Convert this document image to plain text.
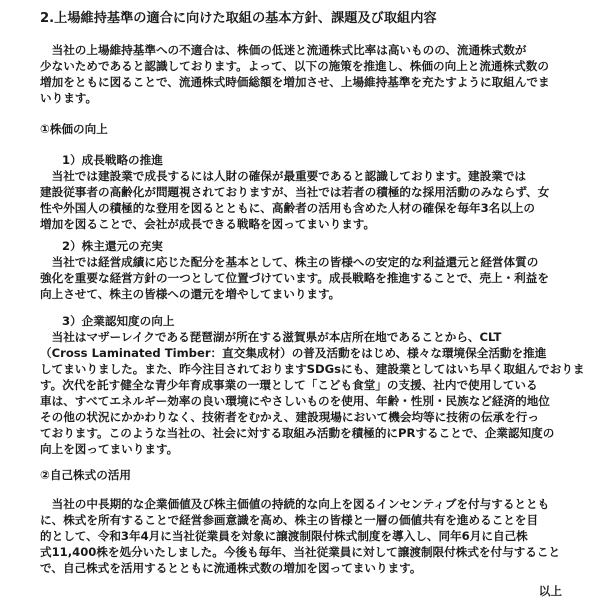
2.上場維持基準の適合に向けた取組の基本方針、課題及び取組内容
　当社の上場維持基準への不適合は、株価の低迷と流通株式比率は高いものの、流通株式数が
少ないためであると認識しております。よって、以下の施策を推進し、株価の向上と流通株式数の
増加をともに図ることで、流通株式時価総額を増加させ、上場維持基準を充たすように取組んでま
いります。
①株価の向上
1）成長戦略の推進
　当社では建設業で成長するには人財の確保が最重要であると認識しております。建設業では
建設従事者の高齢化が問題視されておりますが、当社では若者の積極的な採用活動のみならず、女
性や外国人の積極的な登用を図るとともに、高齢者の活用も含めた人材の確保を毎年3名以上の
増加を図ることで、会社が成長できる戦略を図ってまいります。
2）株主還元の充実
　当社では経営成績に応じた配分を基本として、株主の皆様への安定的な利益還元と経営体質の
強化を重要な経営方針の一つとして位置づけています。成長戦略を推進することで、売上・利益を
向上させて、株主の皆様への還元を増やしてまいります。
3）企業認知度の向上
　当社はマザーレイクである琵琶湖が所在する滋賀県が本店所在地であることから、CLT
（Cross Laminated Timber：直交集成材）の普及活動をはじめ、様々な環境保全活動を推進
してまいりました。また、昨今注目されておりますSDGsにも、建設業としてはいち早く取組んでおりま
す。次代を託す健全な青少年育成事業の一環として「こども食堂」の支援、社内で使用している
車は、すべてエネルギー効率の良い環境にやさしいものを使用、年齢・性別・民族など経済的地位
その他の状況にかかわりなく、技術者をむかえ、建設現場において機会均等に技術の伝承を行っ
ております。このような当社の、社会に対する取組み活動を積極的にPRすることで、企業認知度の
向上を図ってまいります。
②自己株式の活用
　当社の中長期的な企業価値及び株主価値の持続的な向上を図るインセンティブを付与するととも
に、株式を所有することで経営参画意識を高め、株主の皆様と一層の価値共有を進めることを目
的として、令和3年4月に当社従業員を対象に譲渡制限付株式制度を導入し、同年6月に自己株
式11,400株を処分いたしました。今後も毎年、当社従業員に対して譲渡制限付株式を付与すること
で、自己株式を活用するとともに流通株式数の増加を図ってまいります。
以上
